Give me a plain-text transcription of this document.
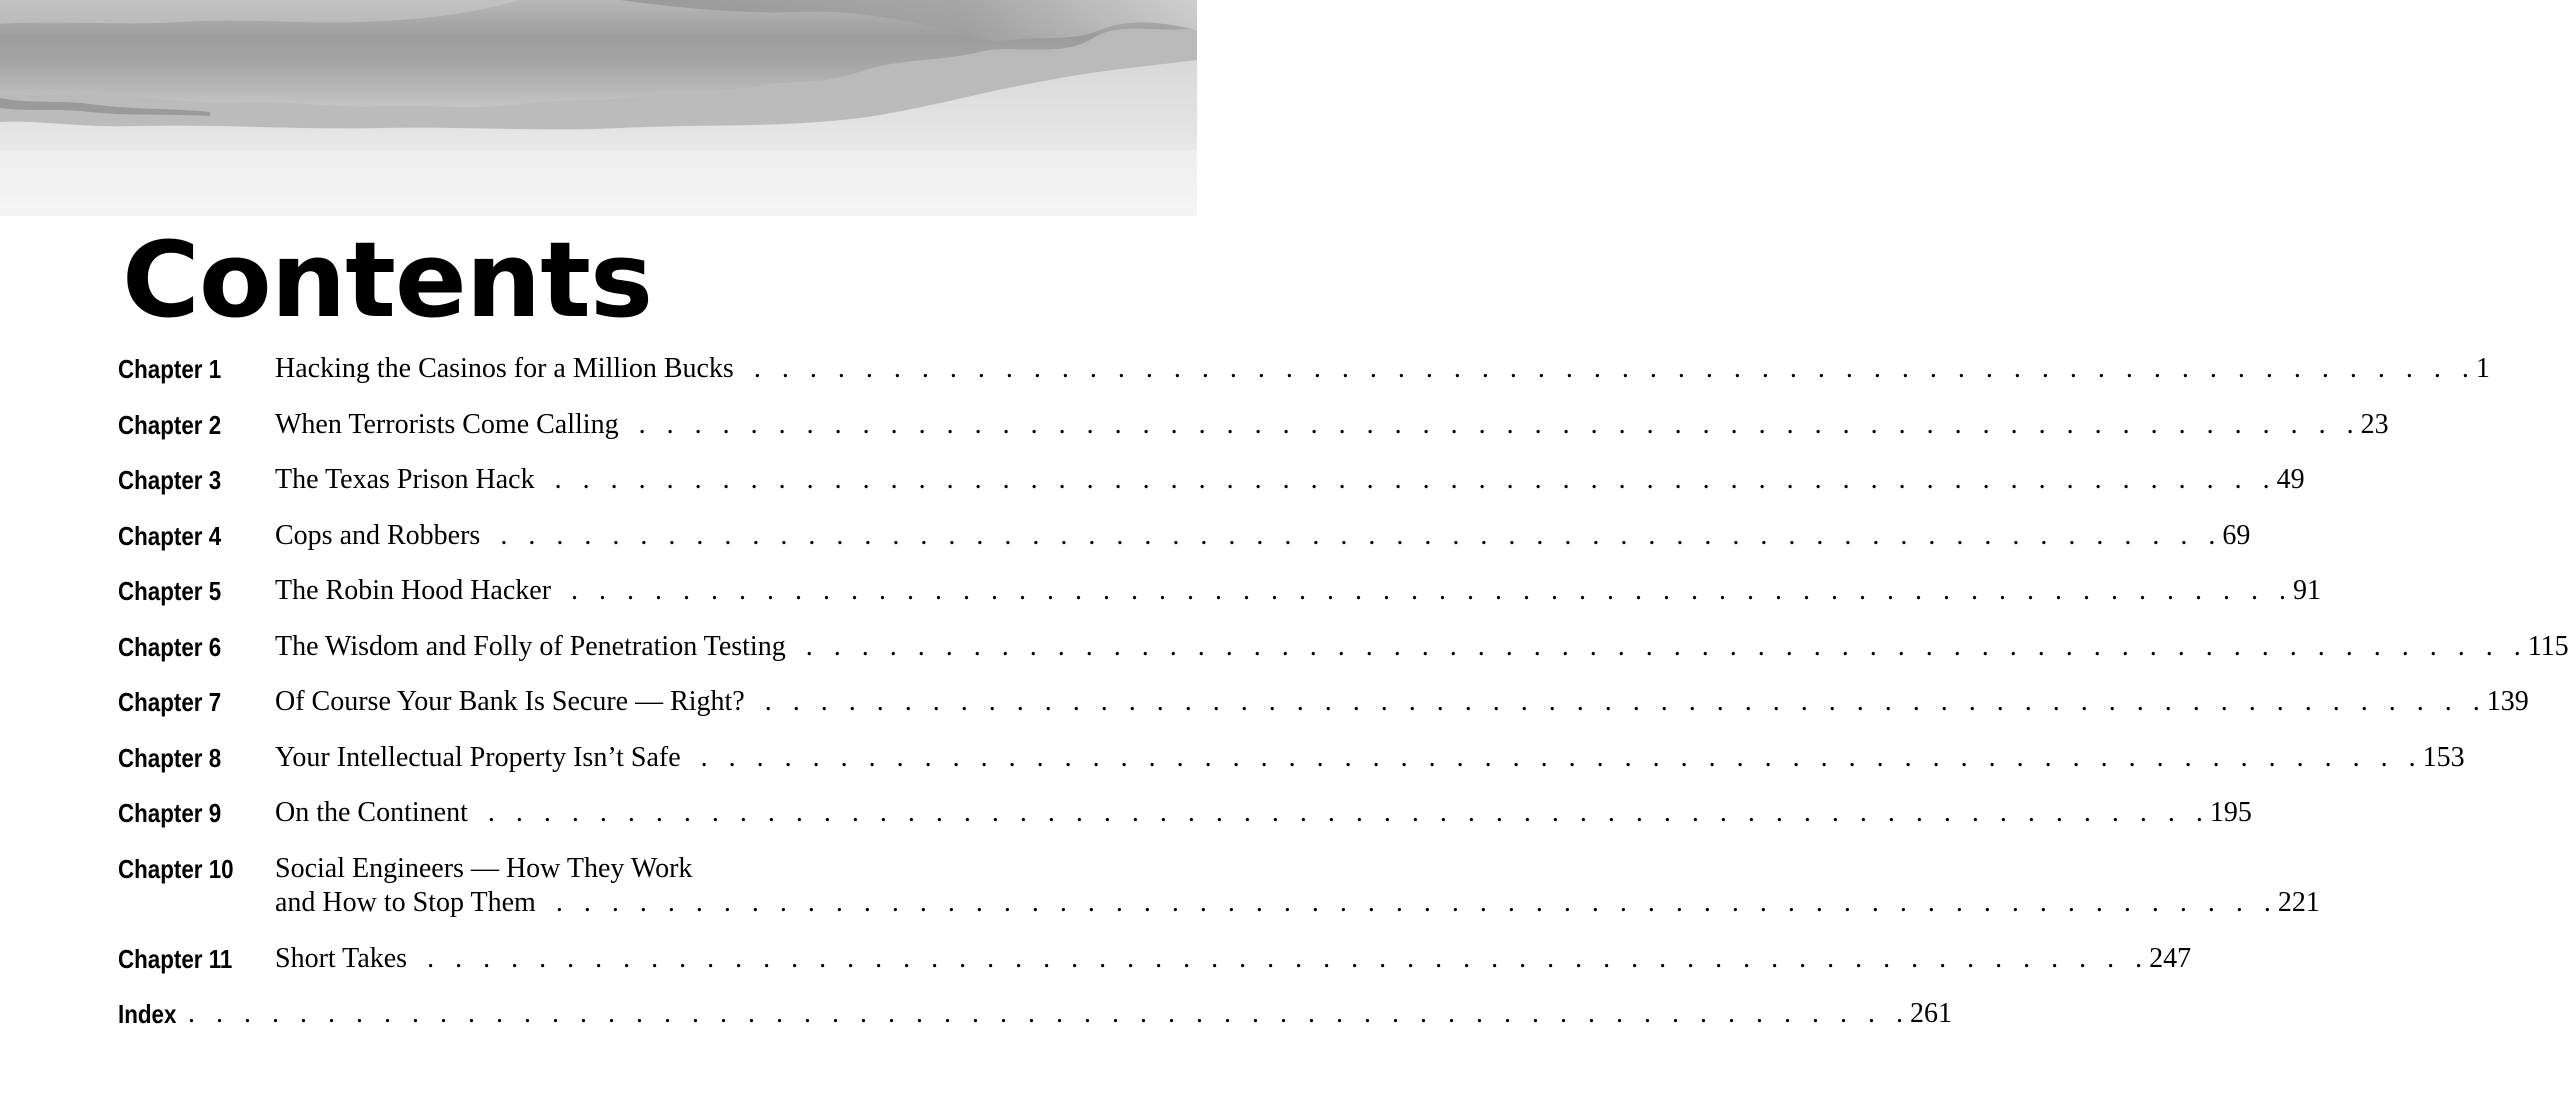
Contents
Chapter 1 Hacking the Casinos for a Million Bucks . . . . . . . . . . . . . . . . . . . . . . . . . . . . . . . . . . . . . . . . . . . . . . . . . . . . . . . . . . . . . . 1
Chapter 2 When Terrorists Come Calling . . . . . . . . . . . . . . . . . . . . . . . . . . . . . . . . . . . . . . . . . . . . . . . . . . . . . . . . . . . . . . 23
Chapter 3 The Texas Prison Hack . . . . . . . . . . . . . . . . . . . . . . . . . . . . . . . . . . . . . . . . . . . . . . . . . . . . . . . . . . . . . . 49
Chapter 4 Cops and Robbers . . . . . . . . . . . . . . . . . . . . . . . . . . . . . . . . . . . . . . . . . . . . . . . . . . . . . . . . . . . . . . 69
Chapter 5 The Robin Hood Hacker . . . . . . . . . . . . . . . . . . . . . . . . . . . . . . . . . . . . . . . . . . . . . . . . . . . . . . . . . . . . . . 91
Chapter 6 The Wisdom and Folly of Penetration Testing . . . . . . . . . . . . . . . . . . . . . . . . . . . . . . . . . . . . . . . . . . . . . . . . . . . . . . . . . . . . . . 115
Chapter 7 Of Course Your Bank Is Secure — Right? . . . . . . . . . . . . . . . . . . . . . . . . . . . . . . . . . . . . . . . . . . . . . . . . . . . . . . . . . . . . . . 139
Chapter 8 Your Intellectual Property Isn’t Safe . . . . . . . . . . . . . . . . . . . . . . . . . . . . . . . . . . . . . . . . . . . . . . . . . . . . . . . . . . . . . . 153
Chapter 9 On the Continent . . . . . . . . . . . . . . . . . . . . . . . . . . . . . . . . . . . . . . . . . . . . . . . . . . . . . . . . . . . . . . 195
Chapter 10 Social Engineers — How They Work
and How to Stop Them . . . . . . . . . . . . . . . . . . . . . . . . . . . . . . . . . . . . . . . . . . . . . . . . . . . . . . . . . . . . . . 221
Chapter 11 Short Takes . . . . . . . . . . . . . . . . . . . . . . . . . . . . . . . . . . . . . . . . . . . . . . . . . . . . . . . . . . . . . . 247
Index . . . . . . . . . . . . . . . . . . . . . . . . . . . . . . . . . . . . . . . . . . . . . . . . . . . . . . . . . . . . . . 261
